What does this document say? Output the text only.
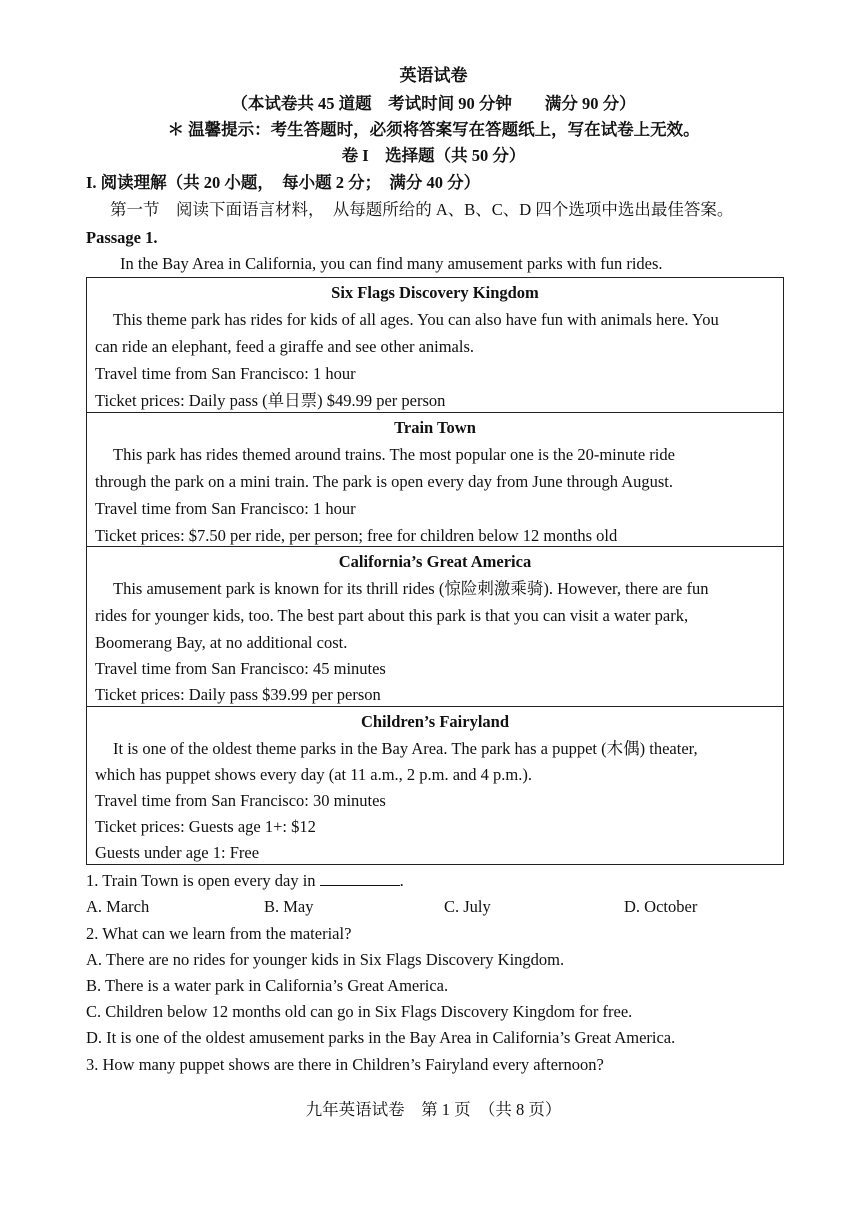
英语试卷
（本试卷共 45 道题　考试时间 90 分钟　　满分 90 分）
＊ 温馨提示：考生答题时，必须将答案写在答题纸上，写在试卷上无效。
卷 I　选择题（共 50 分）
I. 阅读理解（共 20 小题，　每小题 2 分；　满分 40 分）
第一节　阅读下面语言材料，　从每题所给的 A、B、C、D 四个选项中选出最佳答案。
Passage 1.
In the Bay Area in California, you can find many amusement parks with fun rides.
Six Flags Discovery Kingdom
This theme park has rides for kids of all ages. You can also have fun with animals here. You
can ride an elephant, feed a giraffe and see other animals.
Travel time from San Francisco: 1 hour
Ticket prices: Daily pass (单日票) $49.99 per person
Train Town
This park has rides themed around trains. The most popular one is the 20-minute ride
through the park on a mini train. The park is open every day from June through August.
Travel time from San Francisco: 1 hour
Ticket prices: $7.50 per ride, per person; free for children below 12 months old
California’s Great America
This amusement park is known for its thrill rides (惊险刺激乘骑). However, there are fun
rides for younger kids, too. The best part about this park is that you can visit a water park,
Boomerang Bay, at no additional cost.
Travel time from San Francisco: 45 minutes
Ticket prices: Daily pass $39.99 per person
Children’s Fairyland
It is one of the oldest theme parks in the Bay Area. The park has a puppet (木偶) theater,
which has puppet shows every day (at 11 a.m., 2 p.m. and 4 p.m.).
Travel time from San Francisco: 30 minutes
Ticket prices: Guests age 1+: $12
Guests under age 1: Free
1. Train Town is open every day in	.
A. March	B. May	C. July	D. October
2. What can we learn from the material?
A. There are no rides for younger kids in Six Flags Discovery Kingdom.
B. There is a water park in California’s Great America.
C. Children below 12 months old can go in Six Flags Discovery Kingdom for free.
D. It is one of the oldest amusement parks in the Bay Area in California’s Great America.
3. How many puppet shows are there in Children’s Fairyland every afternoon?
九年英语试卷　第 1 页　（共 8 页）
